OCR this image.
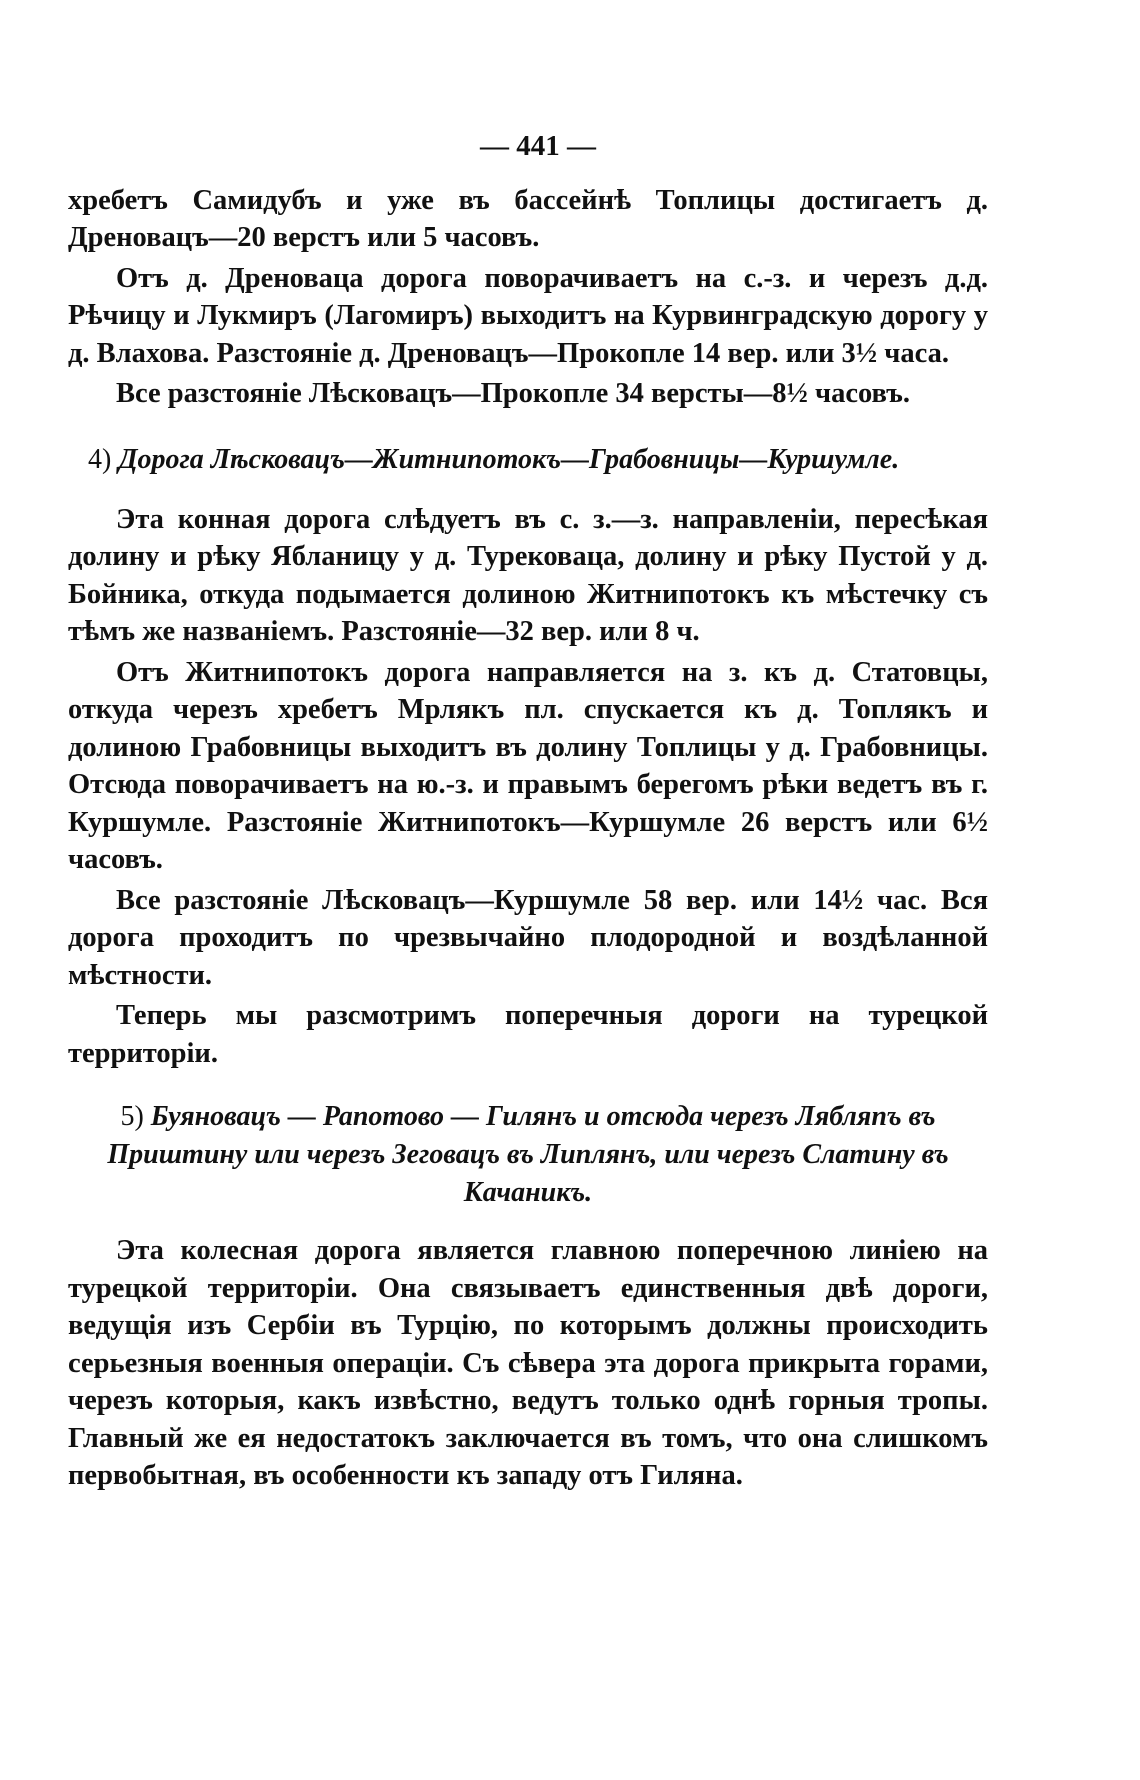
— 441 —

хребетъ Самидубъ и уже въ бассейнѣ Топлицы достигаетъ д. Дреновацъ—20 верстъ или 5 часовъ.

Отъ д. Дреноваца дорога поворачиваетъ на с.-з. и черезъ д.д. Рѣчицу и Лукмиръ (Лагомиръ) выходитъ на Курвинградскую дорогу у д. Влахова. Разстояніе д. Дреновацъ—Прокопле 14 вер. или 3½ часа.

Все разстояніе Лѣсковацъ—Прокопле 34 версты—8½ часовъ.

4) Дорога Лѣсковацъ—Житнипотокъ—Грабовницы—Куршумле.

Эта конная дорога слѣдуетъ въ с. з.—з. направленіи, пересѣкая долину и рѣку Ябланицу у д. Турековаца, долину и рѣку Пустой у д. Бойника, откуда подымается долиною Житнипотокъ къ мѣстечку съ тѣмъ же названіемъ. Разстояніе—32 вер. или 8 ч.

Отъ Житнипотокъ дорога направляется на з. къ д. Статовцы, откуда черезъ хребетъ Мрлякъ пл. спускается къ д. Топлякъ и долиною Грабовницы выходитъ въ долину Топлицы у д. Грабовницы. Отсюда поворачиваетъ на ю.-з. и правымъ берегомъ рѣки ведетъ въ г. Куршумле. Разстояніе Житнипотокъ—Куршумле 26 верстъ или 6½ часовъ.

Все разстояніе Лѣсковацъ—Куршумле 58 вер. или 14½ час. Вся дорога проходитъ по чрезвычайно плодородной и воздѣланной мѣстности.

Теперь мы разсмотримъ поперечныя дороги на турецкой территоріи.

5) Буяновацъ — Рапотово — Гилянъ и отсюда черезъ Лябляпъ въ Приштину или черезъ Зеговацъ въ Липлянъ, или черезъ Слатину въ Качаникъ.

Эта колесная дорога является главною поперечною линіею на турецкой территоріи. Она связываетъ единственныя двѣ дороги, ведущія изъ Сербіи въ Турцію, по которымъ должны происходить серьезныя военныя операціи. Съ сѣвера эта дорога прикрыта горами, черезъ которыя, какъ извѣстно, ведутъ только однѣ горныя тропы. Главный же ея недостатокъ заключается въ томъ, что она слишкомъ первобытная, въ особенности къ западу отъ Гиляна.
